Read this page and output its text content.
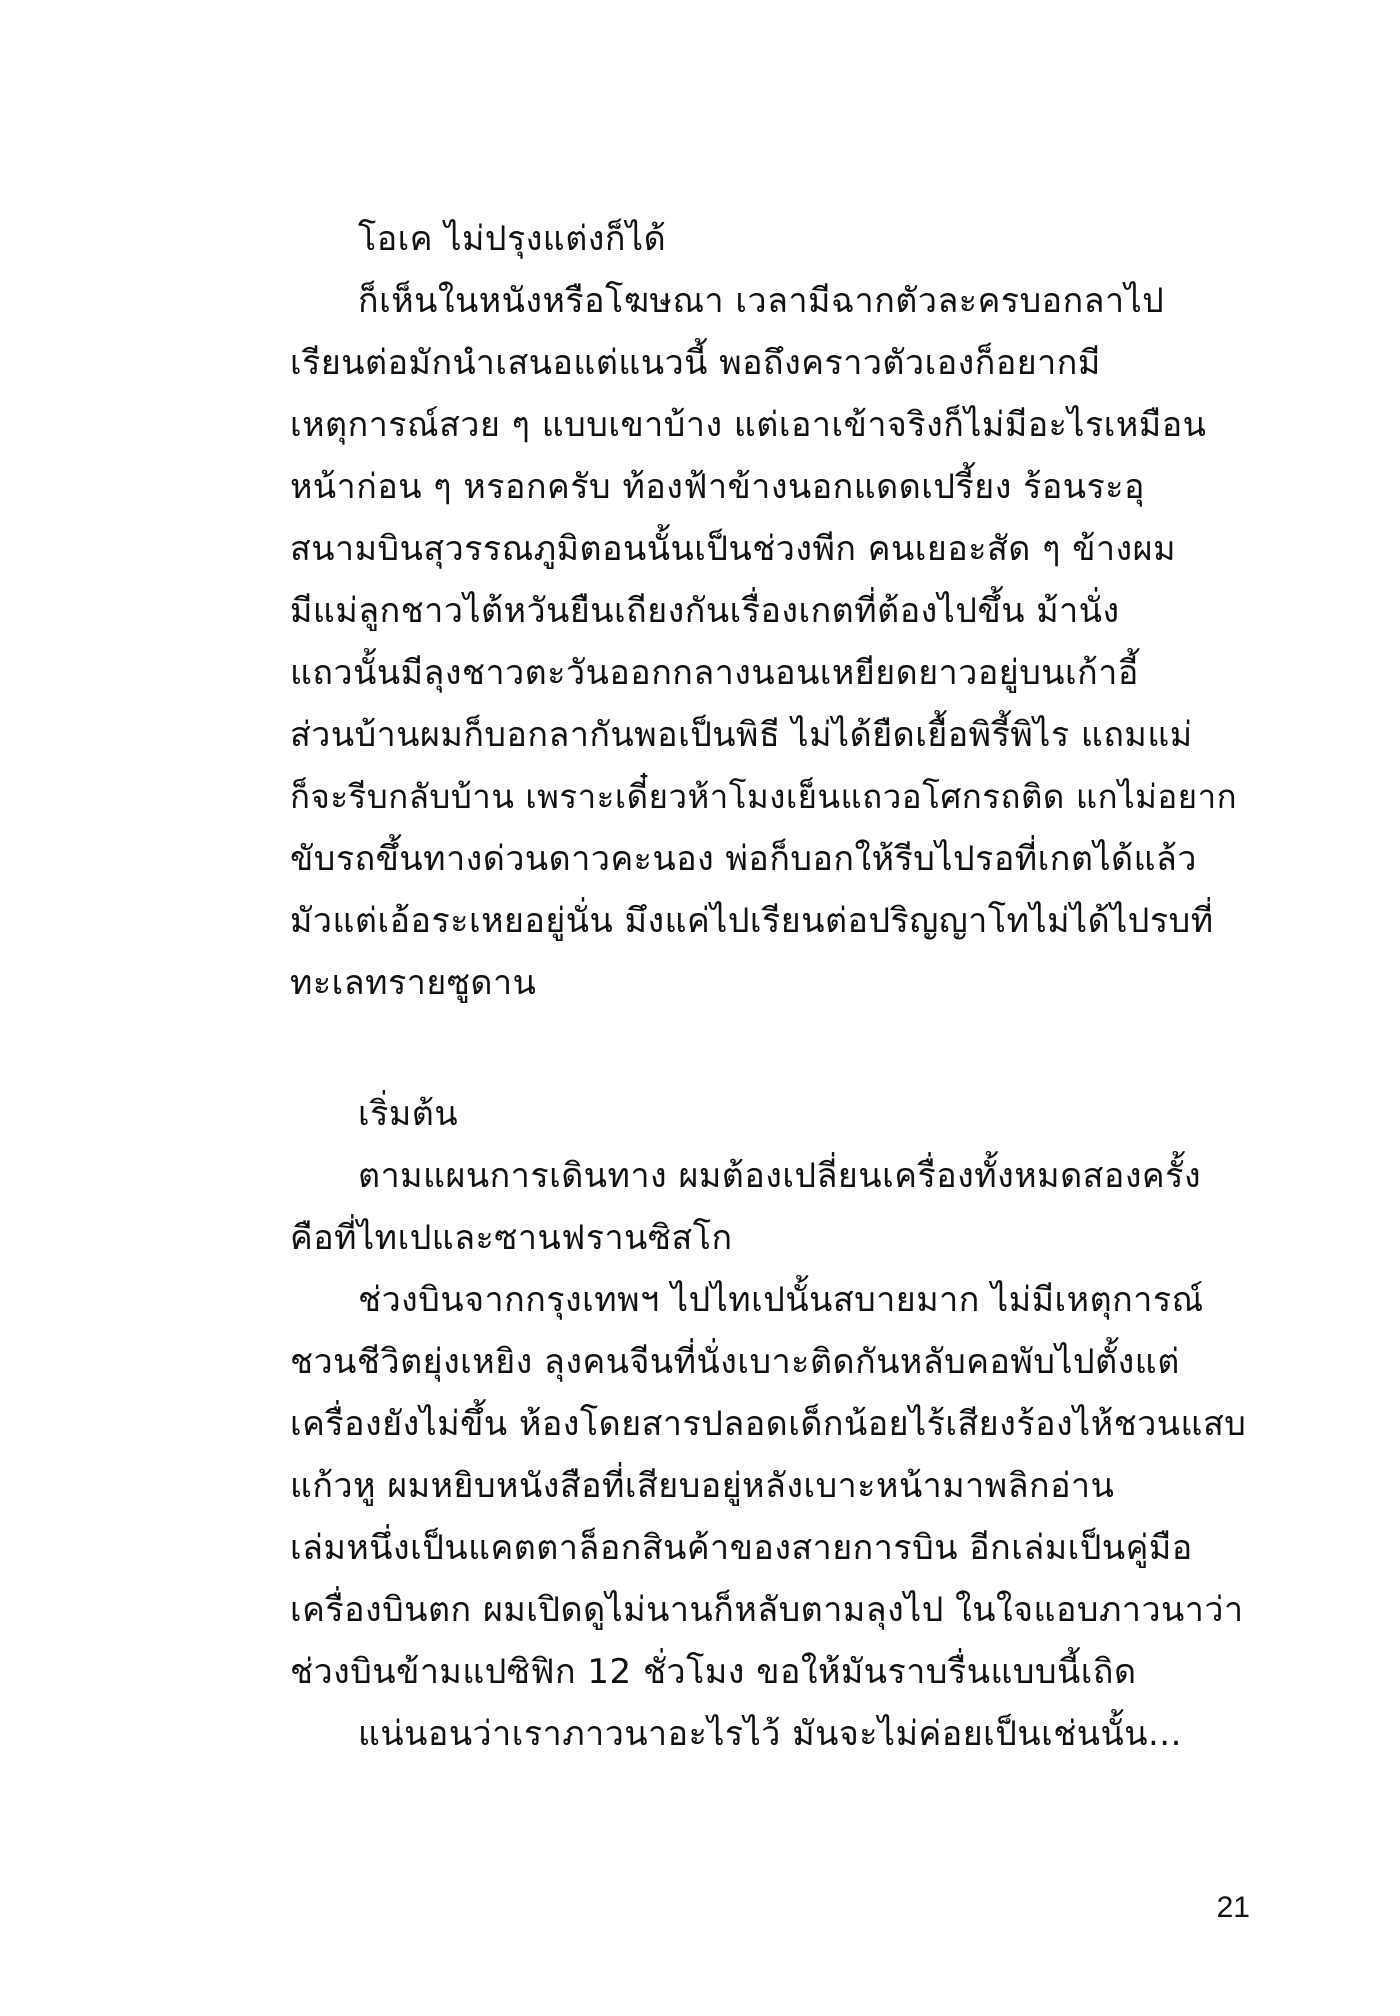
โอเค ไม่ปรุงแต่งก็ได้
ก็เห็นในหนังหรือโฆษณา เวลามีฉากตัวละครบอกลาไป
เรียนต่อมักนำเสนอแต่แนวนี้ พอถึงคราวตัวเองก็อยากมี
เหตุการณ์สวย ๆ แบบเขาบ้าง แต่เอาเข้าจริงก็ไม่มีอะไรเหมือน
หน้าก่อน ๆ หรอกครับ ท้องฟ้าข้างนอกแดดเปรี้ยง ร้อนระอุ
สนามบินสุวรรณภูมิตอนนั้นเป็นช่วงพีก คนเยอะสัด ๆ ข้างผม
มีแม่ลูกชาวไต้หวันยืนเถียงกันเรื่องเกตที่ต้องไปขึ้น ม้านั่ง
แถวนั้นมีลุงชาวตะวันออกกลางนอนเหยียดยาวอยู่บนเก้าอี้
ส่วนบ้านผมก็บอกลากันพอเป็นพิธี ไม่ได้ยืดเยื้อพิรี้พิไร แถมแม่
ก็จะรีบกลับบ้าน เพราะเดี๋ยวห้าโมงเย็นแถวอโศกรถติด แกไม่อยาก
ขับรถขึ้นทางด่วนดาวคะนอง พ่อก็บอกให้รีบไปรอที่เกตได้แล้ว
มัวแต่เอ้อระเหยอยู่นั่น มึงแค่ไปเรียนต่อปริญญาโทไม่ได้ไปรบที่
ทะเลทรายซูดาน
เริ่มต้น
ตามแผนการเดินทาง ผมต้องเปลี่ยนเครื่องทั้งหมดสองครั้ง
คือที่ไทเปและซานฟรานซิสโก
ช่วงบินจากกรุงเทพฯ ไปไทเปนั้นสบายมาก ไม่มีเหตุการณ์
ชวนชีวิตยุ่งเหยิง ลุงคนจีนที่นั่งเบาะติดกันหลับคอพับไปตั้งแต่
เครื่องยังไม่ขึ้น ห้องโดยสารปลอดเด็กน้อยไร้เสียงร้องไห้ชวนแสบ
แก้วหู ผมหยิบหนังสือที่เสียบอยู่หลังเบาะหน้ามาพลิกอ่าน
เล่มหนึ่งเป็นแคตตาล็อกสินค้าของสายการบิน อีกเล่มเป็นคู่มือ
เครื่องบินตก ผมเปิดดูไม่นานก็หลับตามลุงไป ในใจแอบภาวนาว่า
ช่วงบินข้ามแปซิฟิก 12 ชั่วโมง ขอให้มันราบรื่นแบบนี้เถิด
แน่นอนว่าเราภาวนาอะไรไว้ มันจะไม่ค่อยเป็นเช่นนั้น...
21
